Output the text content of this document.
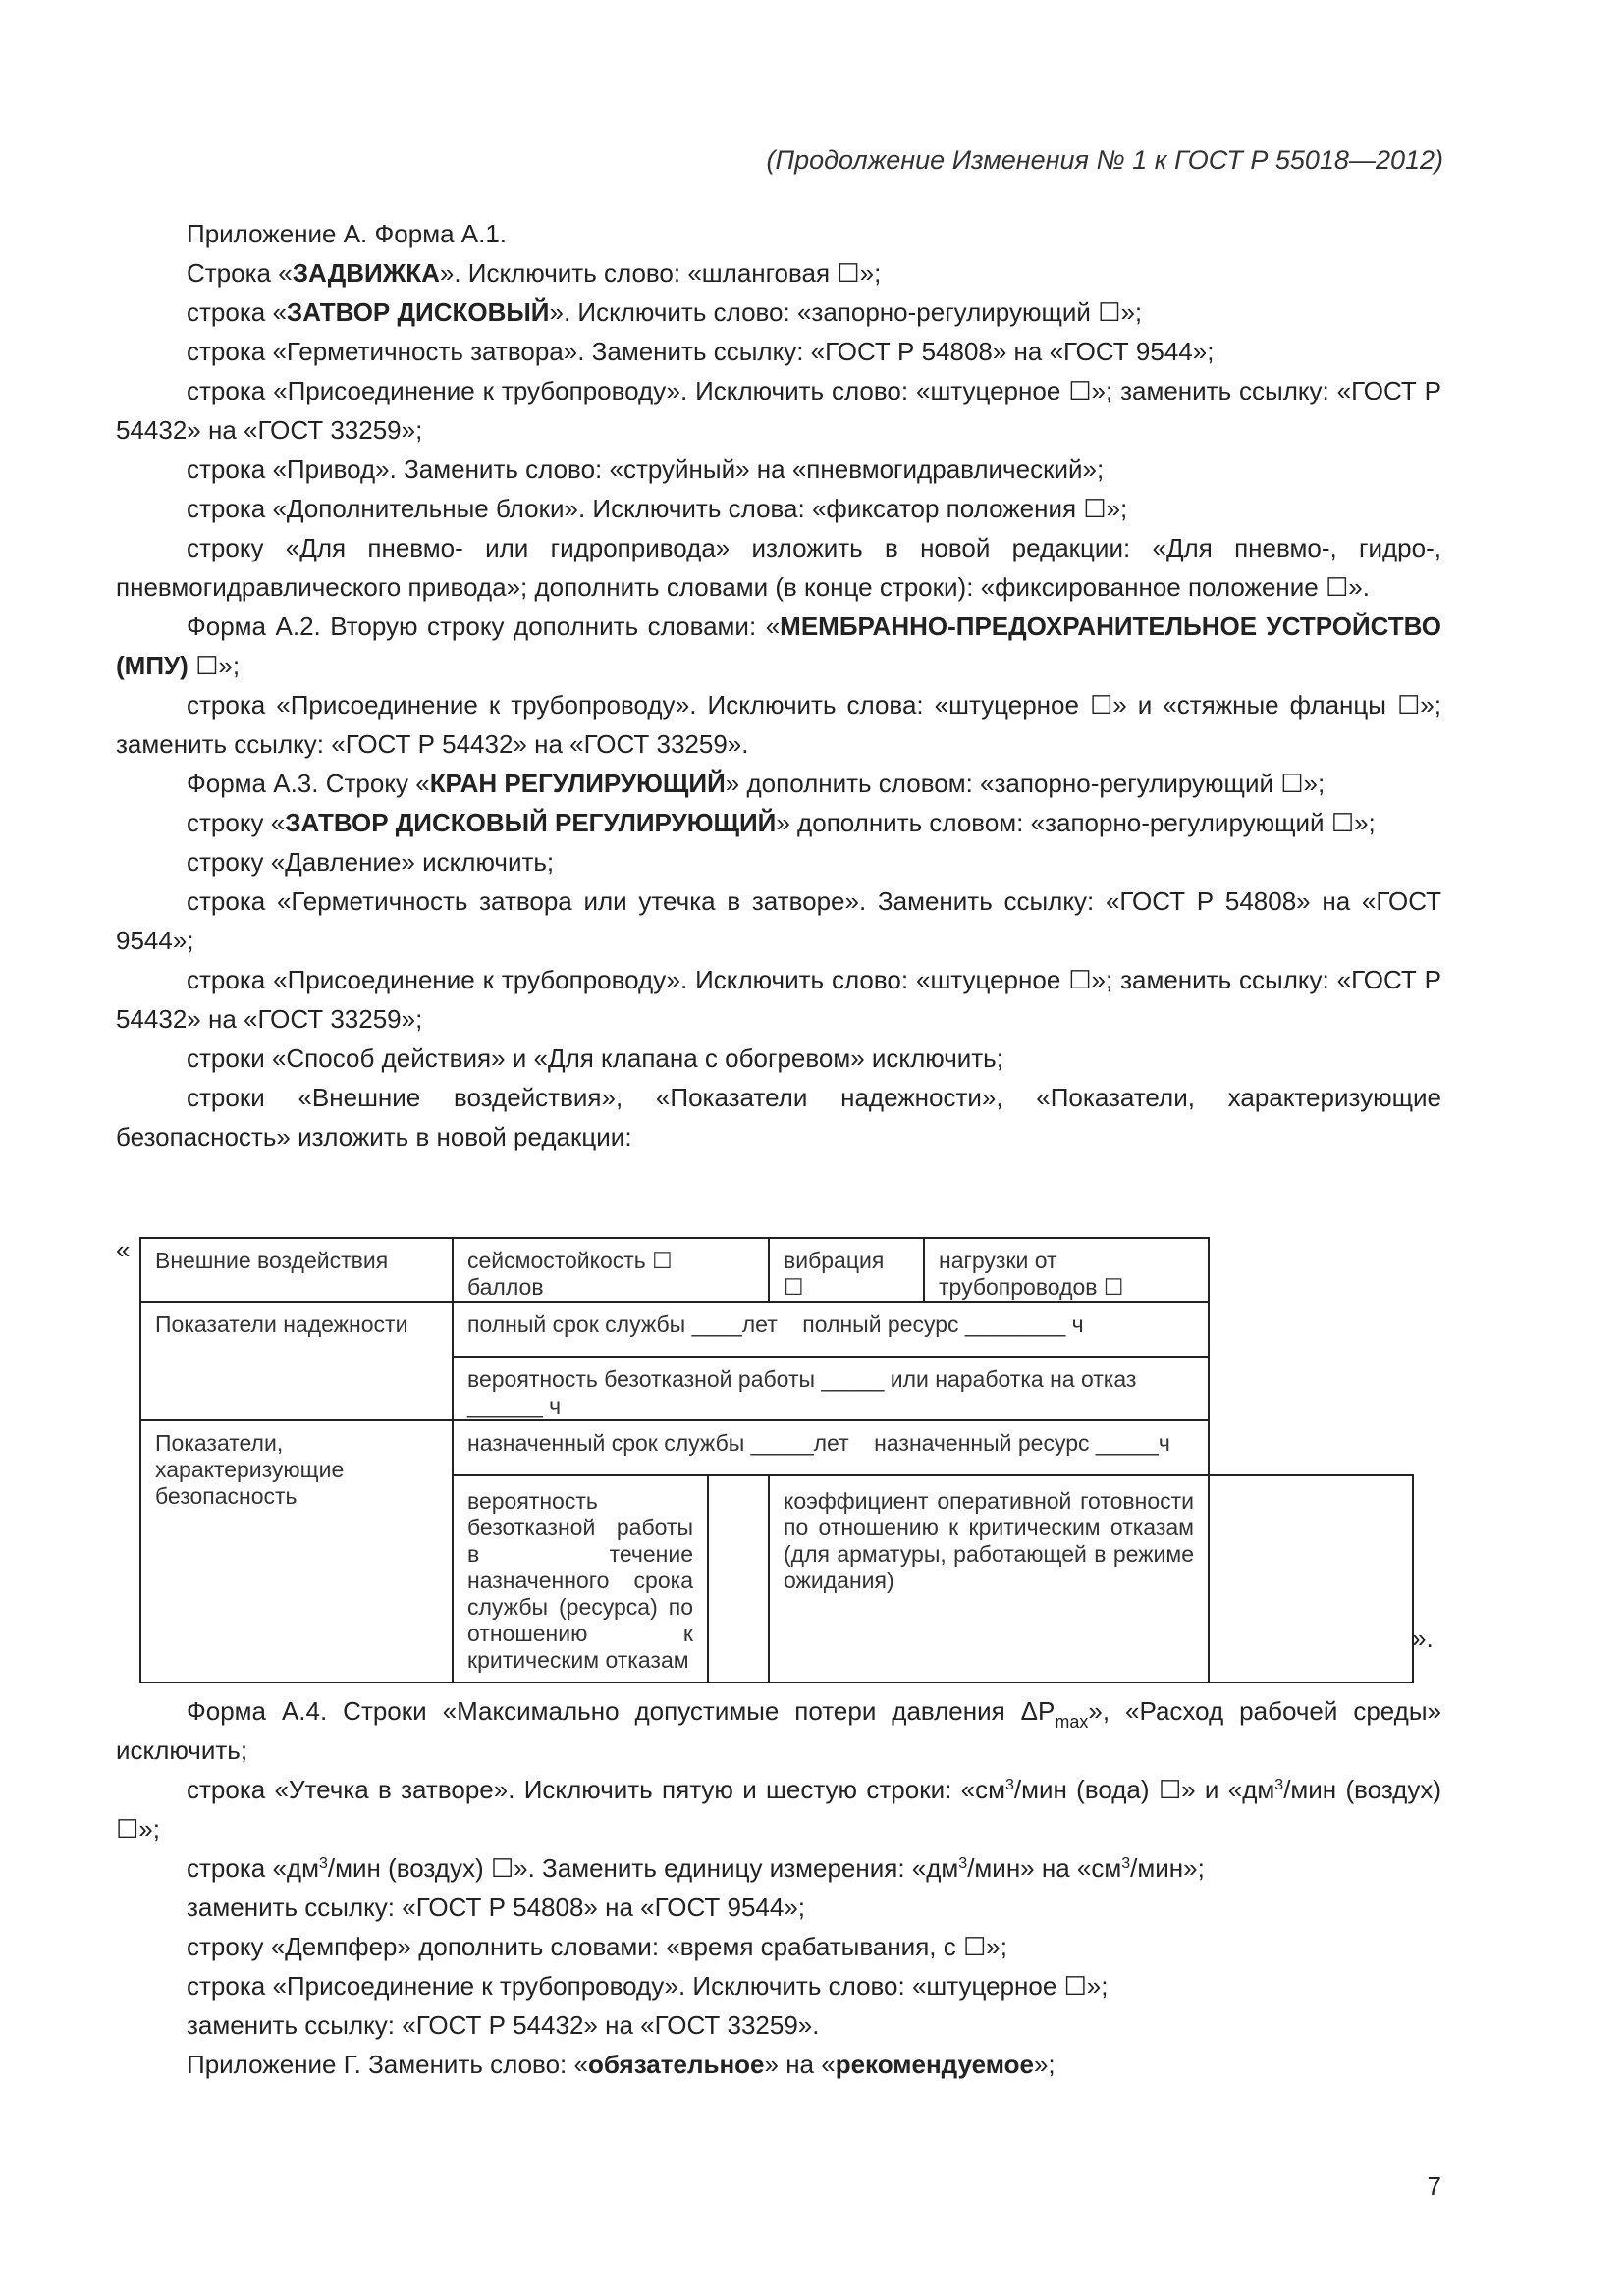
(Продолжение Изменения № 1 к ГОСТ Р 55018—2012)

Приложение А. Форма А.1.

Строка «ЗАДВИЖКА». Исключить слово: «шланговая ☐»;

строка «ЗАТВОР ДИСКОВЫЙ». Исключить слово: «запорно-регулирующий ☐»;

строка «Герметичность затвора». Заменить ссылку: «ГОСТ Р 54808» на «ГОСТ 9544»;

строка «Присоединение к трубопроводу». Исключить слово: «штуцерное ☐»; заменить ссылку: «ГОСТ Р 54432» на «ГОСТ 33259»;

строка «Привод». Заменить слово: «струйный» на «пневмогидравлический»;

строка «Дополнительные блоки». Исключить слова: «фиксатор положения ☐»;

строку «Для пневмо- или гидропривода» изложить в новой редакции: «Для пневмо-, гидро-, пневмогидравлического привода»; дополнить словами (в конце строки): «фиксированное положение ☐».

Форма А.2. Вторую строку дополнить словами: «МЕМБРАННО-ПРЕДОХРАНИТЕЛЬНОЕ УСТРОЙСТВО (МПУ) ☐»;

строка «Присоединение к трубопроводу». Исключить слова: «штуцерное ☐» и «стяжные фланцы ☐»; заменить ссылку: «ГОСТ Р 54432» на «ГОСТ 33259».

Форма А.3. Строку «КРАН РЕГУЛИРУЮЩИЙ» дополнить словом: «запорно-регулирующий ☐»;

строку «ЗАТВОР ДИСКОВЫЙ РЕГУЛИРУЮЩИЙ» дополнить словом: «запорно-регулирующий ☐»;

строку «Давление» исключить;

строка «Герметичность затвора или утечка в затворе». Заменить ссылку: «ГОСТ Р 54808» на «ГОСТ 9544»;

строка «Присоединение к трубопроводу». Исключить слово: «штуцерное ☐»; заменить ссылку: «ГОСТ Р 54432» на «ГОСТ 33259»;

строки «Способ действия» и «Для клапана с обогревом» исключить;

строки «Внешние воздействия», «Показатели надежности», «Показатели, характеризующие безопасность» изложить в новой редакции:

« Внешние воздействия	сейсмостойкость ☐ баллов		вибрация ☐	нагрузки от трубопроводов ☐	
Показатели надежности	полный срок службы ____лет    полный ресурс ________ ч				
	вероятность безотказной работы _____ или наработка на отказ ______ ч				
Показатели, характеризующие безопасность	назначенный срок службы _____лет    назначенный ресурс _____ч				
	вероятность безотказной работы в течение назначенного срока службы (ресурса) по отношению к критическим отказам		коэффициент оперативной готовности по отношению к критическим отказам (для арматуры, работающей в режиме ожидания)		
».

Форма А.4. Строки «Максимально допустимые потери давления $\Delta P_{max}$», «Расход рабочей среды» исключить;

строка «Утечка в затворе». Исключить пятую и шестую строки: «$см^3$/мин (вода) ☐» и «$дм^3$/мин (воздух) ☐»;

строка «$дм^3$/мин (воздух) ☐». Заменить единицу измерения: «$дм^3$/мин» на «$см^3$/мин»;

заменить ссылку: «ГОСТ Р 54808» на «ГОСТ 9544»;

строку «Демпфер» дополнить словами: «время срабатывания, с ☐»;

строка «Присоединение к трубопроводу». Исключить слово: «штуцерное ☐»;

заменить ссылку: «ГОСТ Р 54432» на «ГОСТ 33259».

Приложение Г. Заменить слово: «обязательное» на «рекомендуемое»;

7
